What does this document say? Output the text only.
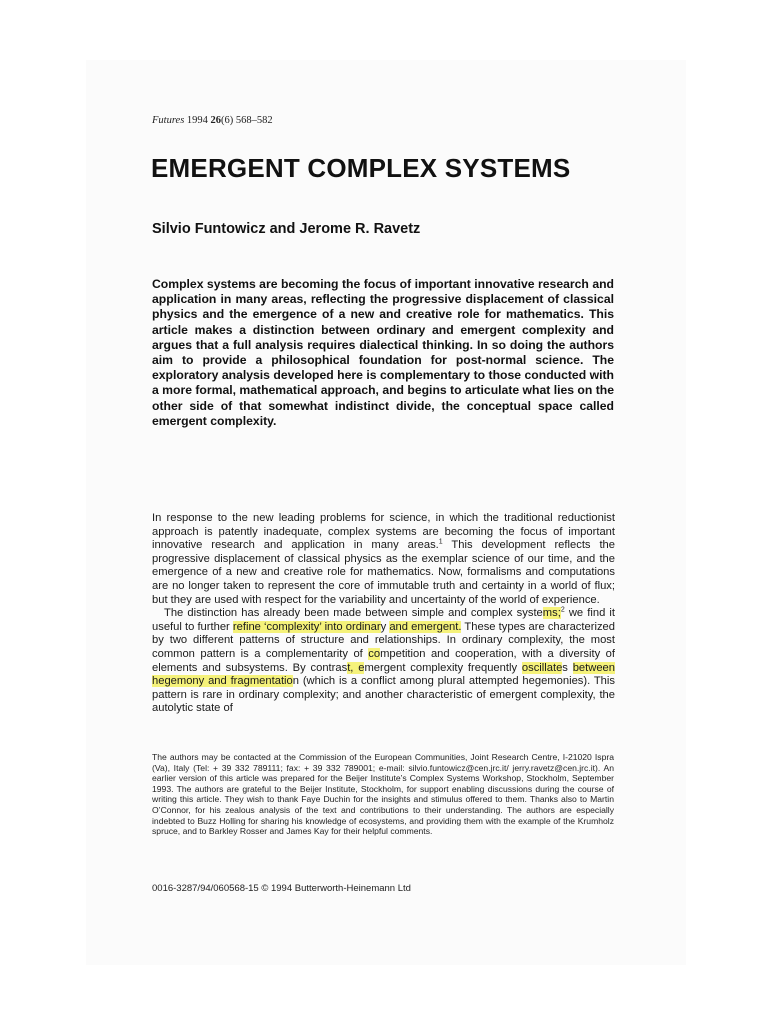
Futures 1994 26(6) 568–582
EMERGENT COMPLEX SYSTEMS
Silvio Funtowicz and Jerome R. Ravetz

Complex systems are becoming the focus of important innovative research and application in many areas, reflecting the progressive displacement of classical physics and the emergence of a new and creative role for mathematics. This article makes a distinction between ordinary and emergent complexity and argues that a full analysis requires dialectical thinking. In so doing the authors aim to provide a philosophical foundation for post-normal science. The exploratory analysis developed here is complementary to those conducted with a more formal, mathematical approach, and begins to articulate what lies on the other side of that somewhat indistinct divide, the conceptual space called emergent complexity.

In response to the new leading problems for science, in which the traditional reductionist approach is patently inadequate, complex systems are becoming the focus of important innovative research and application in many areas.$^1$ This development reflects the progressive displacement of classical physics as the exemplar science of our time, and the emergence of a new and creative role for mathematics. Now, formalisms and computations are no longer taken to represent the core of immutable truth and certainty in a world of flux; but they are used with respect for the variability and uncertainty of the world of experience.

The distinction has already been made between simple and complex systems;$^2$ we find it useful to further refine ‘complexity’ into ordinary and emergent. These types are characterized by two different patterns of structure and relationships. In ordinary complexity, the most common pattern is a complementarity of competition and cooperation, with a diversity of elements and subsystems. By contrast, emergent complexity frequently oscillates between hegemony and fragmentation (which is a conflict among plural attempted hegemonies). This pattern is rare in ordinary complexity; and another characteristic of emergent complexity, the autolytic state of

The authors may be contacted at the Commission of the European Communities, Joint Research Centre, I-21020 Ispra (Va), Italy (Tel: + 39 332 789111; fax: + 39 332 789001; e-mail: silvio.funtowicz@cen.jrc.it/ jerry.ravetz@cen.jrc.it). An earlier version of this article was prepared for the Beijer Institute’s Complex Systems Workshop, Stockholm, September 1993. The authors are grateful to the Beijer Institute, Stockholm, for support enabling discussions during the course of writing this article. They wish to thank Faye Duchin for the insights and stimulus offered to them. Thanks also to Martin O’Connor, for his zealous analysis of the text and contributions to their understanding. The authors are especially indebted to Buzz Holling for sharing his knowledge of ecosystems, and providing them with the example of the Krumholz spruce, and to Barkley Rosser and James Kay for their helpful comments.
0016-3287/94/060568-15 © 1994 Butterworth-Heinemann Ltd
